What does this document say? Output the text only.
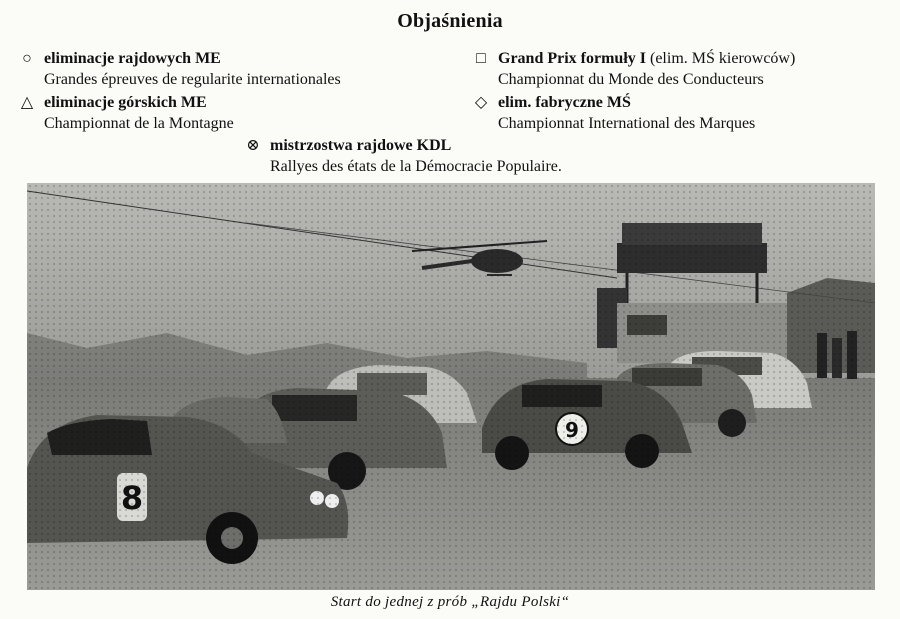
Objaśnienia
○ eliminacje rajdowych ME
Grandes épreuves de regularite internationales
△ eliminacje górskich ME
Championnat de la Montagne
□ Grand Prix formuły I (elim. MŚ kierowców)
Championnat du Monde des Conducteurs
◇ elim. fabryczne MŚ
Championnat International des Marques
⊗ mistrzostwa rajdowe KDL
Rallyes des états de la Démocracie Populaire.
Start do jednej z prób „Rajdu Polski“
